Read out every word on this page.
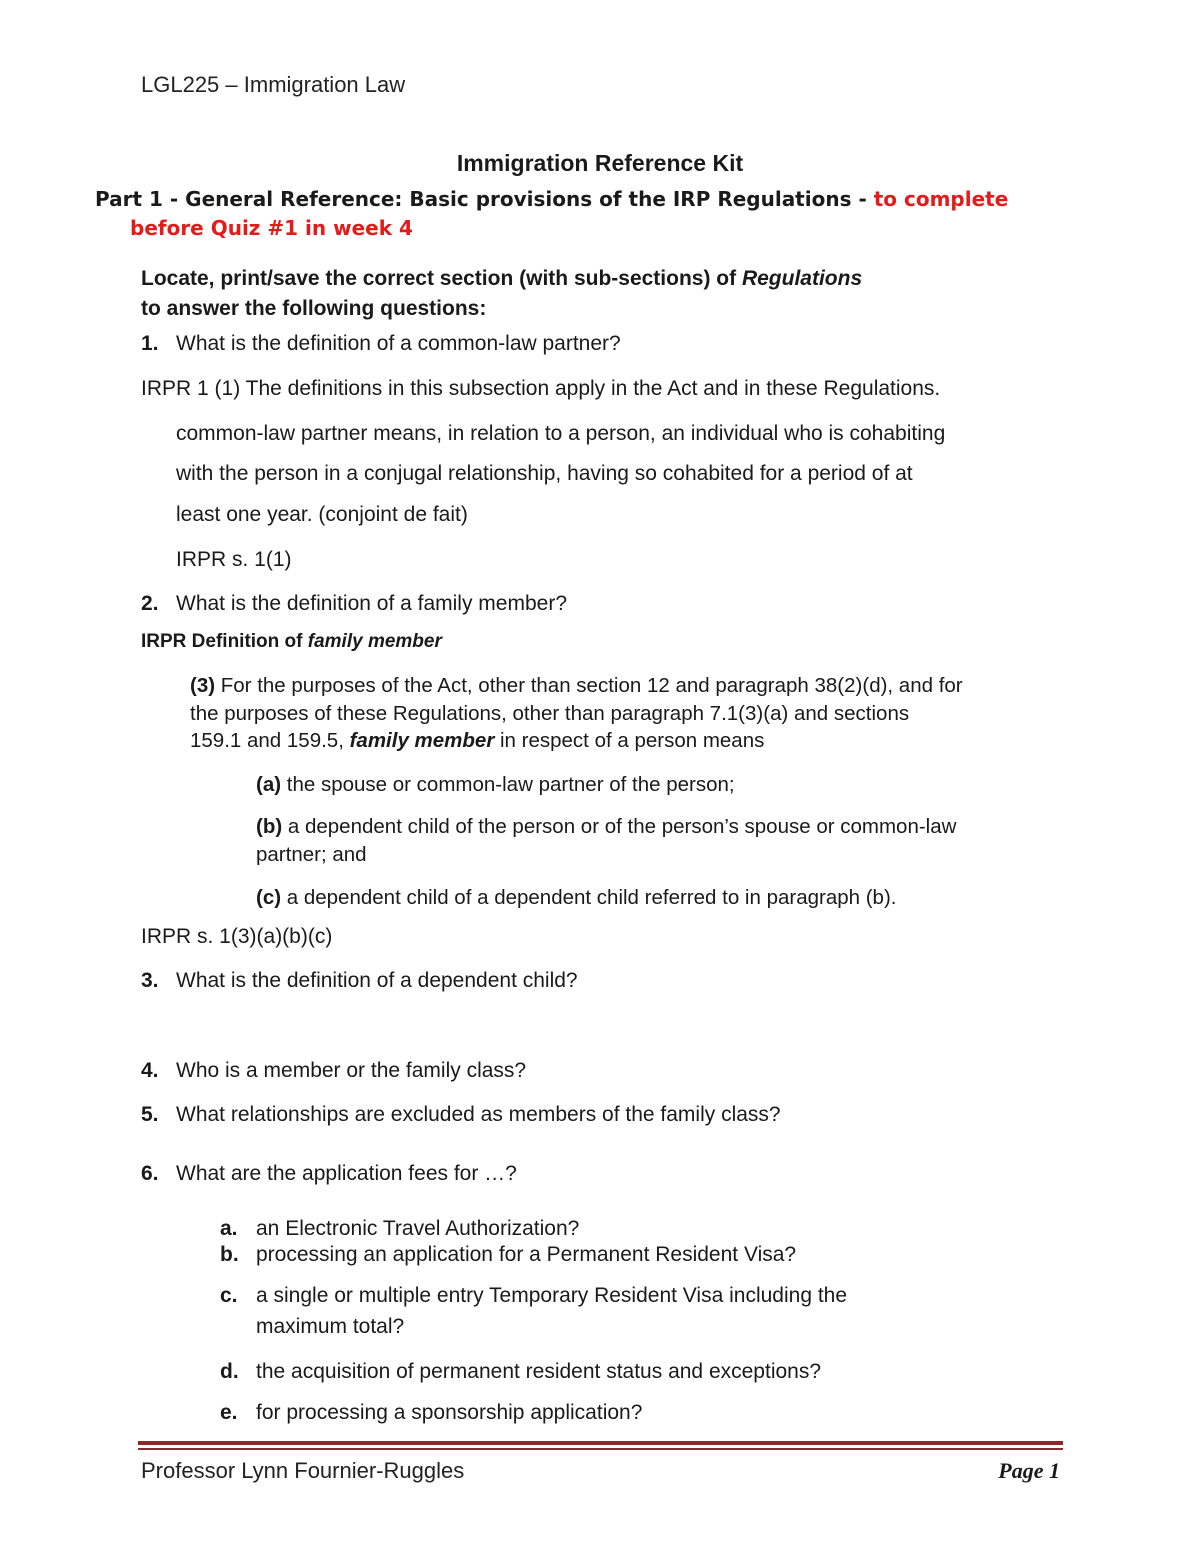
LGL225 – Immigration Law
Immigration Reference Kit
Part 1 - General Reference: Basic provisions of the IRP Regulations - to complete
before Quiz #1 in week 4
Locate, print/save the correct section (with sub-sections) of Regulations
to answer the following questions:
1. What is the definition of a common-law partner?
IRPR 1 (1) The definitions in this subsection apply in the Act and in these Regulations.
common-law partner means, in relation to a person, an individual who is cohabiting
with the person in a conjugal relationship, having so cohabited for a period of at
least one year. (conjoint de fait)
IRPR s. 1(1)
2. What is the definition of a family member?
IRPR Definition of family member
(3) For the purposes of the Act, other than section 12 and paragraph 38(2)(d), and for
the purposes of these Regulations, other than paragraph 7.1(3)(a) and sections
159.1 and 159.5, family member in respect of a person means
(a) the spouse or common-law partner of the person;
(b) a dependent child of the person or of the person’s spouse or common-law
partner; and
(c) a dependent child of a dependent child referred to in paragraph (b).
IRPR s. 1(3)(a)(b)(c)
3. What is the definition of a dependent child?
4. Who is a member or the family class?
5. What relationships are excluded as members of the family class?
6. What are the application fees for …?
a. an Electronic Travel Authorization?
b. processing an application for a Permanent Resident Visa?
c. a single or multiple entry Temporary Resident Visa including the
maximum total?
d. the acquisition of permanent resident status and exceptions?
e. for processing a sponsorship application?
Professor Lynn Fournier-Ruggles	Page 1
